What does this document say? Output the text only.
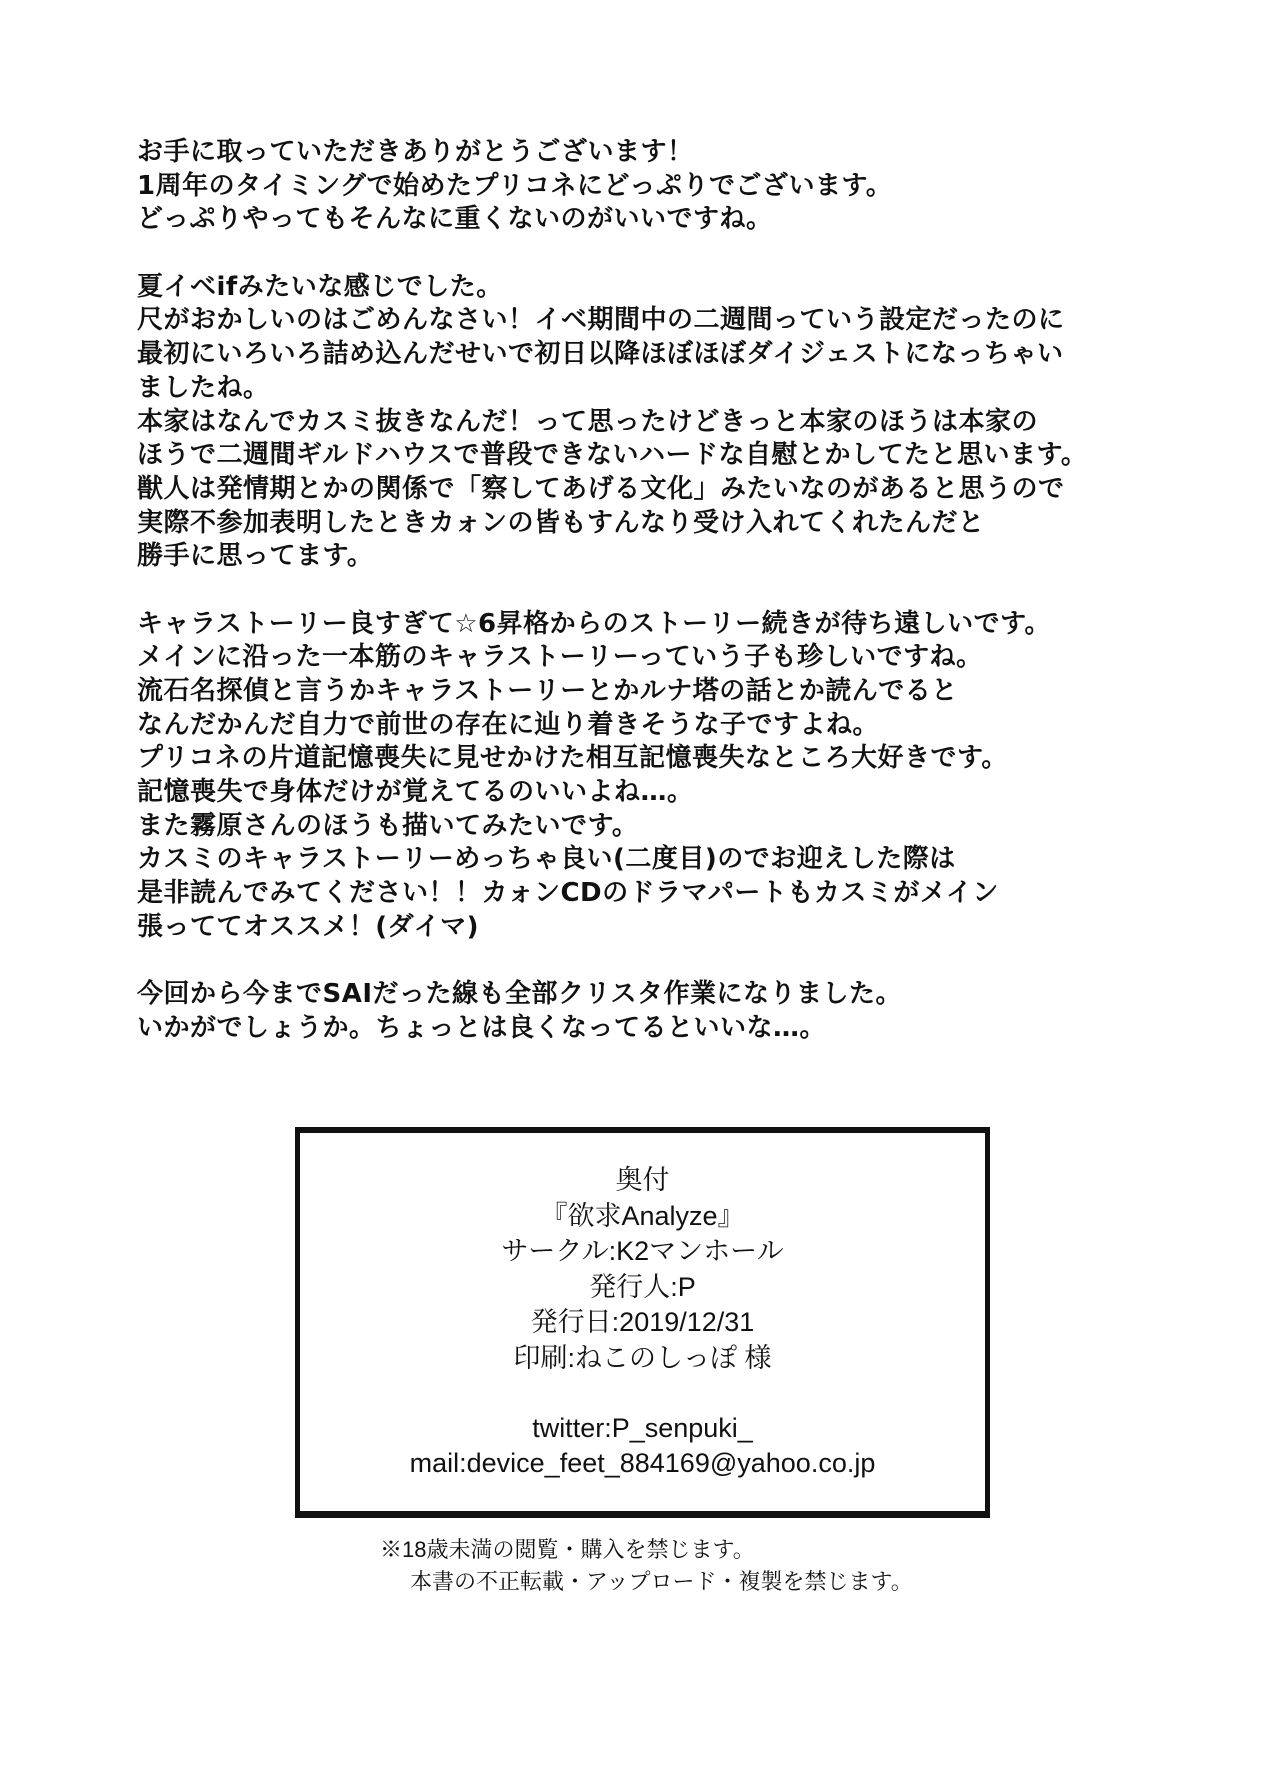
お手に取っていただきありがとうございます！
1周年のタイミングで始めたプリコネにどっぷりでございます。
どっぷりやってもそんなに重くないのがいいですね。
夏イベifみたいな感じでした。
尺がおかしいのはごめんなさい！イベ期間中の二週間っていう設定だったのに
最初にいろいろ詰め込んだせいで初日以降ほぼほぼダイジェストになっちゃい
ましたね。
本家はなんでカスミ抜きなんだ！って思ったけどきっと本家のほうは本家の
ほうで二週間ギルドハウスで普段できないハードな自慰とかしてたと思います。
獣人は発情期とかの関係で「察してあげる文化」みたいなのがあると思うので
実際不参加表明したときカォンの皆もすんなり受け入れてくれたんだと
勝手に思ってます。
キャラストーリー良すぎて☆6昇格からのストーリー続きが待ち遠しいです。
メインに沿った一本筋のキャラストーリーっていう子も珍しいですね。
流石名探偵と言うかキャラストーリーとかルナ塔の話とか読んでると
なんだかんだ自力で前世の存在に辿り着きそうな子ですよね。
プリコネの片道記憶喪失に見せかけた相互記憶喪失なところ大好きです。
記憶喪失で身体だけが覚えてるのいいよね…。
また霧原さんのほうも描いてみたいです。
カスミのキャラストーリーめっちゃ良い(二度目)のでお迎えした際は
是非読んでみてください！！カォンCDのドラマパートもカスミがメイン
張っててオススメ！(ダイマ)
今回から今までSAIだった線も全部クリスタ作業になりました。
いかがでしょうか。ちょっとは良くなってるといいな…。
奥付
『欲求Analyze』
サークル:K2マンホール
発行人:P
発行日:2019/12/31
印刷:ねこのしっぽ 様
twitter:P_senpuki_
mail:device_feet_884169@yahoo.co.jp
※18歳未満の閲覧・購入を禁じます。
本書の不正転載・アップロード・複製を禁じます。
